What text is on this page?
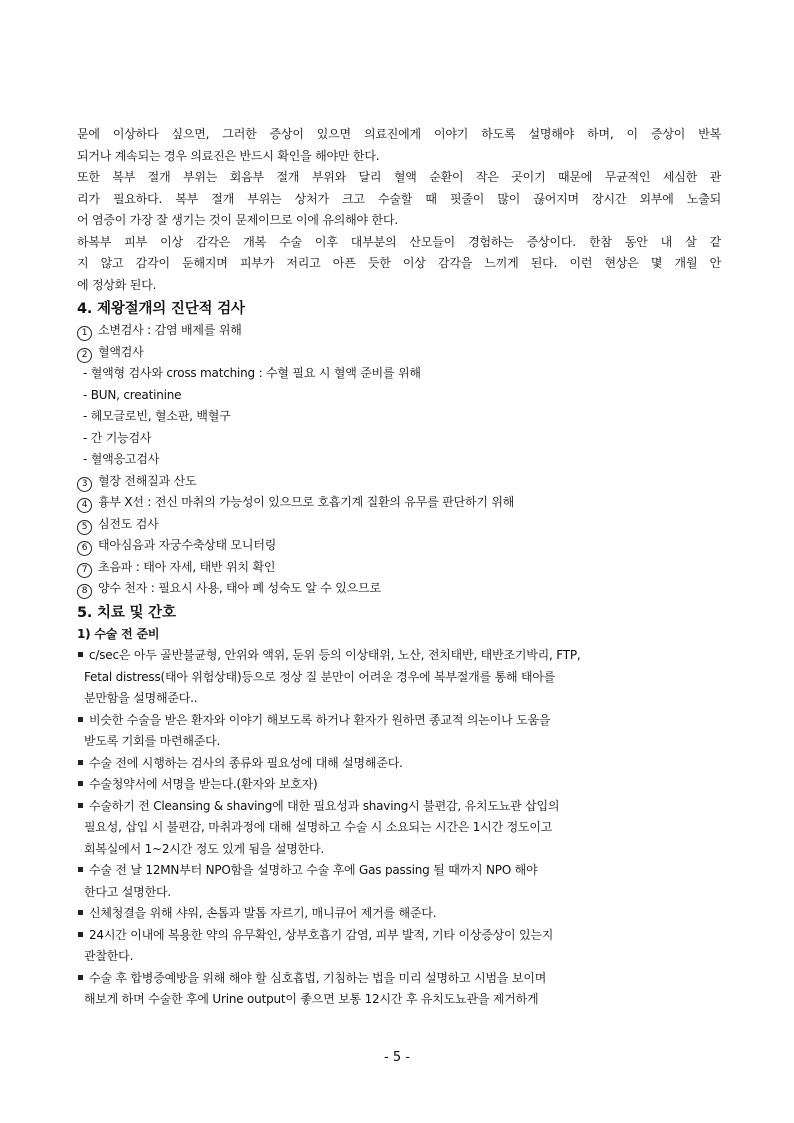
문에 이상하다 싶으면, 그러한 증상이 있으면 의료진에게 이야기 하도록 설명해야 하며, 이 증상이 반복

되거나 계속되는 경우 의료진은 반드시 확인을 해야만 한다.

또한 복부 절개 부위는 회음부 절개 부위와 달리 혈액 순환이 작은 곳이기 때문에 무균적인 세심한 관

리가 필요하다. 복부 절개 부위는 상처가 크고 수술할 때 핏줄이 많이 끊어지며 장시간 외부에 노출되

어 염증이 가장 잘 생기는 것이 문제이므로 이에 유의해야 한다.

하복부 피부 이상 감각은 개복 수술 이후 대부분의 산모들이 경험하는 증상이다. 한참 동안 내 살 같

지 않고 감각이 둔해지며 피부가 저리고 아픈 듯한 이상 감각을 느끼게 된다. 이런 현상은 몇 개월 안

에 정상화 된다.

4. 제왕절개의 진단적 검사

1 소변검사 : 감염 배제를 위해

2 혈액검사

- 혈액형 검사와 cross matching : 수혈 필요 시 혈액 준비를 위해

- BUN, creatinine

- 헤모글로빈, 혈소판, 백혈구

- 간 기능검사

- 혈액응고검사

3 혈장 전해질과 산도

4 흉부 X선 : 전신 마취의 가능성이 있으므로 호흡기계 질환의 유무를 판단하기 위해

5 심전도 검사

6 태아심음과 자궁수축상태 모니터링

7 초음파 : 태아 자세, 태반 위치 확인

8 양수 천자 : 필요시 사용, 태아 폐 성숙도 알 수 있으므로

5. 치료 및 간호

1) 수술 전 준비

c/sec은 아두 골반불균형, 안위와 액위, 둔위 등의 이상태위, 노산, 전치태반, 태반조기박리, FTP,

Fetal distress(태아 위험상태)등으로 정상 질 분만이 어려운 경우에 복부절개를 통해 태아를

분만함을 설명해준다..

비슷한 수술을 받은 환자와 이야기 해보도록 하거나 환자가 원하면 종교적 의논이나 도움을

받도록 기회를 마련해준다.

수술 전에 시행하는 검사의 종류와 필요성에 대해 설명해준다.

수술청약서에 서명을 받는다.(환자와 보호자)

수술하기 전 Cleansing & shaving에 대한 필요성과 shaving시 불편감, 유치도뇨관 삽입의

필요성, 삽입 시 불편감, 마취과정에 대해 설명하고 수술 시 소요되는 시간은 1시간 정도이고

회복실에서 1~2시간 정도 있게 됨을 설명한다.

수술 전 날 12MN부터 NPO함을 설명하고 수술 후에 Gas passing 될 때까지 NPO 해야

한다고 설명한다.

신체청결을 위해 샤워, 손톱과 발톱 자르기, 매니큐어 제거를 해준다.

24시간 이내에 복용한 약의 유무확인, 상부호흡기 감염, 피부 발적, 기타 이상증상이 있는지

관찰한다.

수술 후 합병증예방을 위해 해야 할 심호흡법, 기침하는 법을 미리 설명하고 시범을 보이며

해보게 하며 수술한 후에 Urine output이 좋으면 보통 12시간 후 유치도뇨관을 제거하게

- 5 -
